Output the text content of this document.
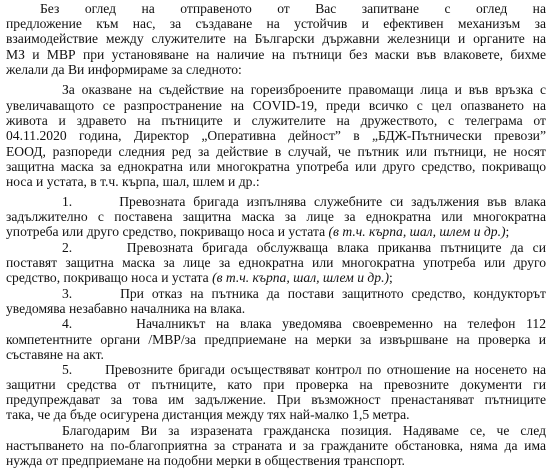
Без оглед на отправеното от Вас запитване с оглед на
предложение към нас, за създаване на устойчив и ефективен механизъм за
взаимодействие между служителите на Български държавни железници и органите на
МЗ и МВР при установяване на наличие на пътници без маски във влаковете, бихме
желали да Ви информираме за следното:
За оказване на съдействие на гореизброените правомащи лица и във връзка с
увеличаващото се разпространение на COVID-19, преди всичко с цел опазването на
живота и здравето на пътниците и служителите на дружеството, с телеграма от
04.11.2020 година, Директор „Оперативна дейност” в „БДЖ-Пътнически превози”
ЕООД, разпореди следния ред за действие в случай, че пътник или пътници, не носят
защитна маска за еднократна или многократна употреба или друго средство, покриващо
носа и устата, в т.ч. кърпа, шал, шлем и др.:
1.      Превозната бригада изпълнява служебните си задължения във влака
задължително с поставена защитна маска за лице за еднократна или многократна
употреба или друго средство, покриващо носа и устата (в т.ч. кърпа, шал, шлем и др.);
2.      Превозната бригада обслужваща влака приканва пътниците да си
поставят защитна маска за лице за еднократна или многократна употреба или друго
средство, покриващо носа и устата (в т.ч. кърпа, шал, шлем и др.);
3.      При отказ на пътника да постави защитното средство, кондукторът
уведомява незабавно началника на влака.
4.      Началникът на влака уведомява своевременно на телефон 112
компетентните органи /МВР/за предприемане на мерки за извършване на проверка и
съставяне на акт.
5.      Превозните бригади осъществяват контрол по отношение на носенето на
защитни средства от пътниците, като при проверка на превозните документи ги
предупреждават за това им задължение. При възможност пренастаняват пътниците
така, че да бъде осигурена дистанция между тях най-малко 1,5 метра.
Благодарим Ви за изразената гражданска позиция. Надяваме се, че след
настъпването на по-благоприятна за страната и за гражданите обстановка, няма да има
нужда от предприемане на подобни мерки в обществения транспорт.
